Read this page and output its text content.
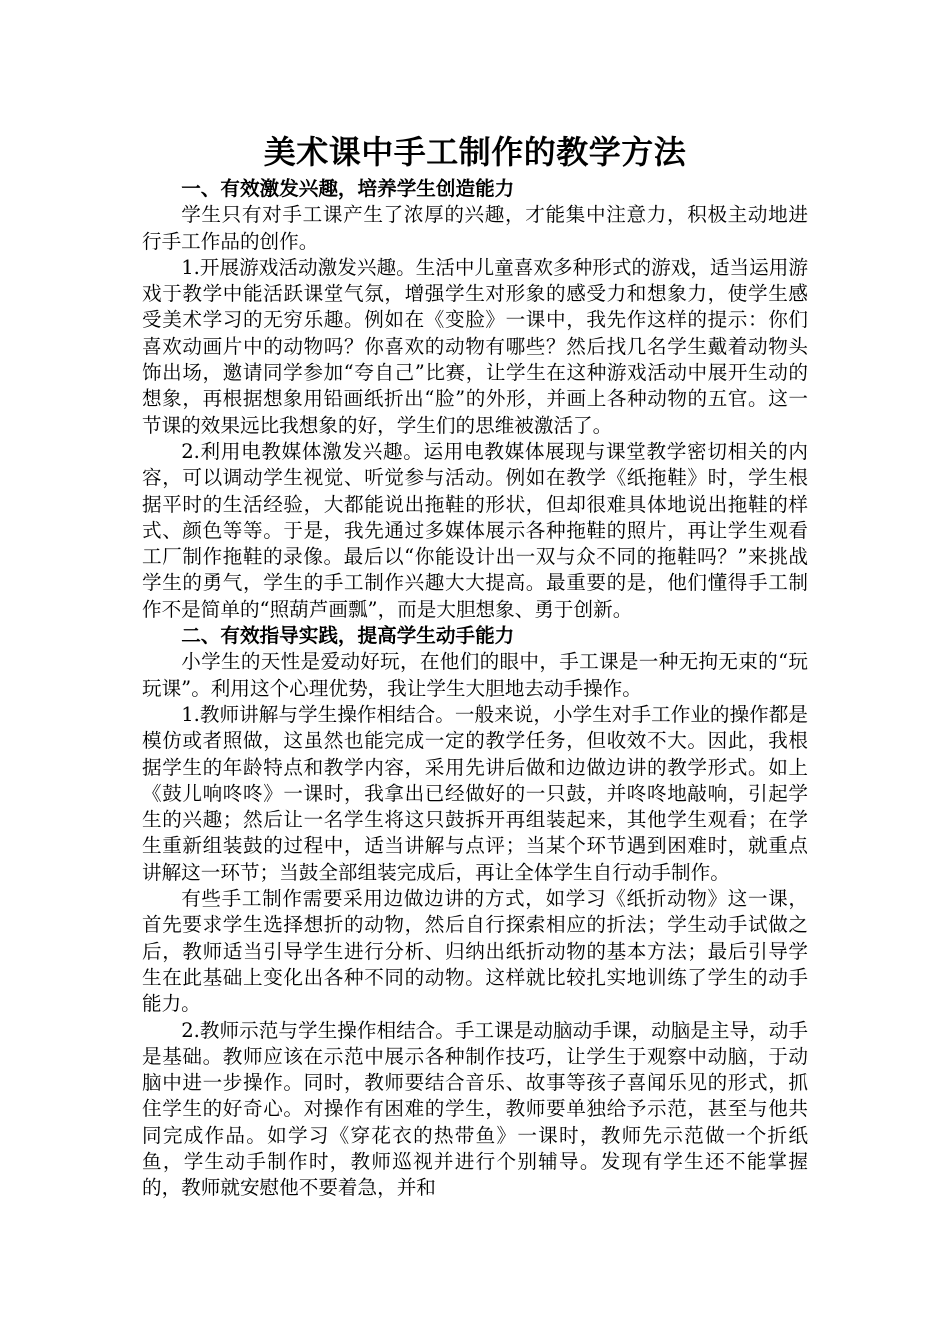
美术课中手工制作的教学方法

一、有效激发兴趣，培养学生创造能力

学生只有对手工课产生了浓厚的兴趣，才能集中注意力，积极主动地进行手工作品的创作。

1.开展游戏活动激发兴趣。生活中儿童喜欢多种形式的游戏，适当运用游戏于教学中能活跃课堂气氛，增强学生对形象的感受力和想象力，使学生感受美术学习的无穷乐趣。例如在《变脸》一课中，我先作这样的提示：你们喜欢动画片中的动物吗？你喜欢的动物有哪些？然后找几名学生戴着动物头饰出场，邀请同学参加“夸自己”比赛，让学生在这种游戏活动中展开生动的想象，再根据想象用铅画纸折出“脸”的外形，并画上各种动物的五官。这一节课的效果远比我想象的好，学生们的思维被激活了。

2.利用电教媒体激发兴趣。运用电教媒体展现与课堂教学密切相关的内容，可以调动学生视觉、听觉参与活动。例如在教学《纸拖鞋》时，学生根据平时的生活经验，大都能说出拖鞋的形状，但却很难具体地说出拖鞋的样式、颜色等等。于是，我先通过多媒体展示各种拖鞋的照片，再让学生观看工厂制作拖鞋的录像。最后以“你能设计出一双与众不同的拖鞋吗？”来挑战学生的勇气，学生的手工制作兴趣大大提高。最重要的是，他们懂得手工制作不是简单的“照葫芦画瓢”，而是大胆想象、勇于创新。

二、有效指导实践，提高学生动手能力

小学生的天性是爱动好玩，在他们的眼中，手工课是一种无拘无束的“玩玩课”。利用这个心理优势，我让学生大胆地去动手操作。

1.教师讲解与学生操作相结合。一般来说，小学生对手工作业的操作都是模仿或者照做，这虽然也能完成一定的教学任务，但收效不大。因此，我根据学生的年龄特点和教学内容，采用先讲后做和边做边讲的教学形式。如上《鼓儿响咚咚》一课时，我拿出已经做好的一只鼓，并咚咚地敲响，引起学生的兴趣；然后让一名学生将这只鼓拆开再组装起来，其他学生观看；在学生重新组装鼓的过程中，适当讲解与点评；当某个环节遇到困难时，就重点讲解这一环节；当鼓全部组装完成后，再让全体学生自行动手制作。

有些手工制作需要采用边做边讲的方式，如学习《纸折动物》这一课，首先要求学生选择想折的动物，然后自行探索相应的折法；学生动手试做之后，教师适当引导学生进行分析、归纳出纸折动物的基本方法；最后引导学生在此基础上变化出各种不同的动物。这样就比较扎实地训练了学生的动手能力。

2.教师示范与学生操作相结合。手工课是动脑动手课，动脑是主导，动手是基础。教师应该在示范中展示各种制作技巧，让学生于观察中动脑，于动脑中进一步操作。同时，教师要结合音乐、故事等孩子喜闻乐见的形式，抓住学生的好奇心。对操作有困难的学生，教师要单独给予示范，甚至与他共同完成作品。如学习《穿花衣的热带鱼》一课时，教师先示范做一个折纸鱼，学生动手制作时，教师巡视并进行个别辅导。发现有学生还不能掌握的，教师就安慰他不要着急，并和
